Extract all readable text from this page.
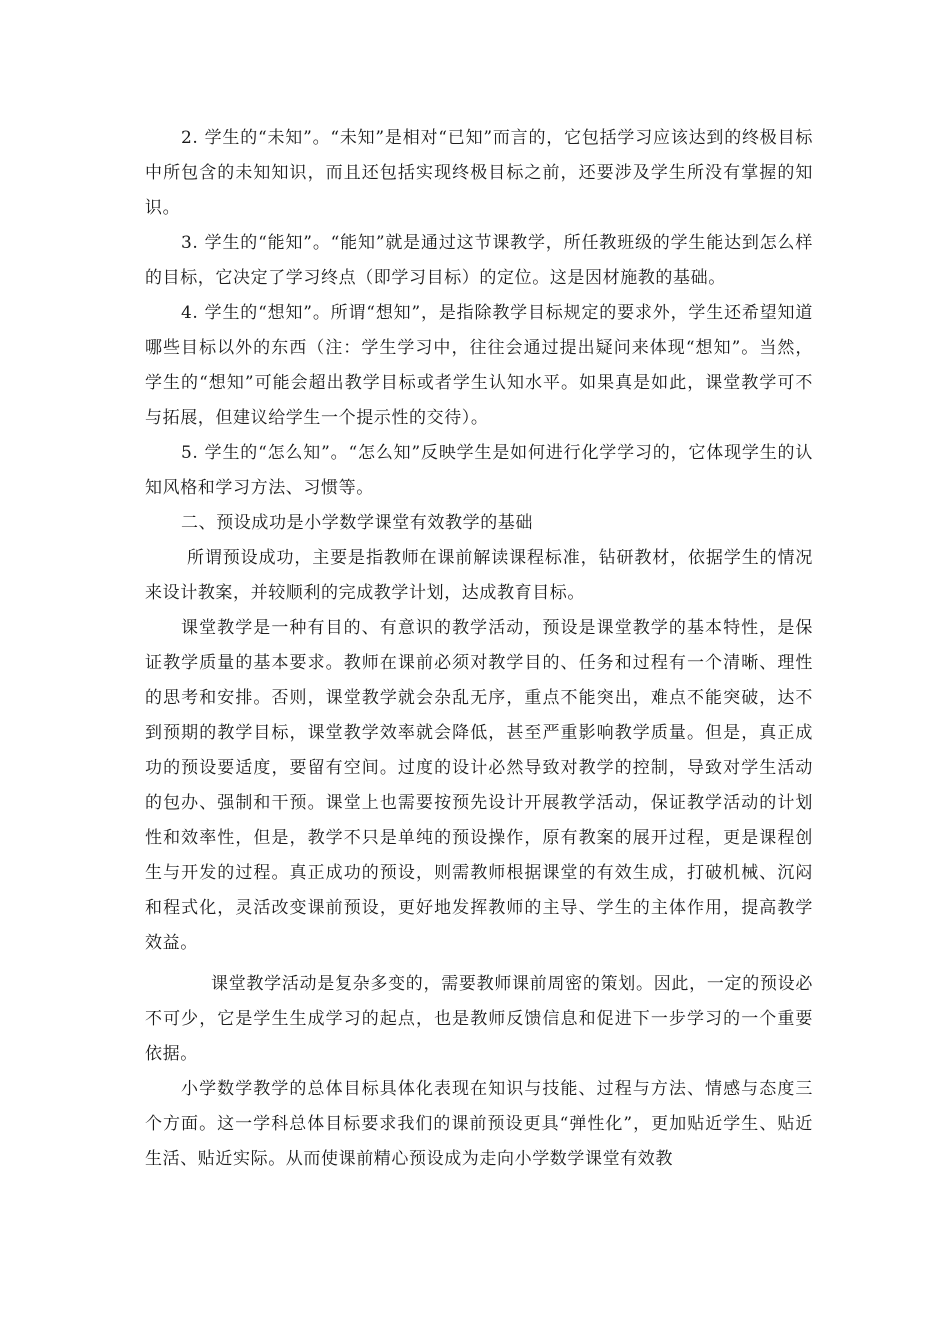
2. 学生的“未知”。“未知”是相对“已知”而言的，它包括学习应该达到的终极目标中所包含的未知知识，而且还包括实现终极目标之前，还要涉及学生所没有掌握的知识。

3. 学生的“能知”。“能知”就是通过这节课教学，所任教班级的学生能达到怎么样的目标，它决定了学习终点（即学习目标）的定位。这是因材施教的基础。

4. 学生的“想知”。所谓“想知”，是指除教学目标规定的要求外，学生还希望知道哪些目标以外的东西（注：学生学习中，往往会通过提出疑问来体现“想知”。当然，学生的“想知”可能会超出教学目标或者学生认知水平。如果真是如此，课堂教学可不与拓展，但建议给学生一个提示性的交待）。

5. 学生的“怎么知”。“怎么知”反映学生是如何进行化学学习的，它体现学生的认知风格和学习方法、习惯等。

二、预设成功是小学数学课堂有效教学的基础

所谓预设成功，主要是指教师在课前解读课程标准，钻研教材，依据学生的情况来设计教案，并较顺利的完成教学计划，达成教育目标。

课堂教学是一种有目的、有意识的教学活动，预设是课堂教学的基本特性，是保证教学质量的基本要求。教师在课前必须对教学目的、任务和过程有一个清晰、理性的思考和安排。否则，课堂教学就会杂乱无序，重点不能突出，难点不能突破，达不到预期的教学目标，课堂教学效率就会降低，甚至严重影响教学质量。但是，真正成功的预设要适度，要留有空间。过度的设计必然导致对教学的控制，导致对学生活动的包办、强制和干预。课堂上也需要按预先设计开展教学活动，保证教学活动的计划性和效率性，但是，教学不只是单纯的预设操作，原有教案的展开过程，更是课程创生与开发的过程。真正成功的预设，则需教师根据课堂的有效生成，打破机械、沉闷和程式化，灵活改变课前预设，更好地发挥教师的主导、学生的主体作用，提高教学效益。

课堂教学活动是复杂多变的，需要教师课前周密的策划。因此，一定的预设必不可少，它是学生生成学习的起点，也是教师反馈信息和促进下一步学习的一个重要依据。

小学数学教学的总体目标具体化表现在知识与技能、过程与方法、情感与态度三个方面。这一学科总体目标要求我们的课前预设更具“弹性化”，更加贴近学生、贴近生活、贴近实际。从而使课前精心预设成为走向小学数学课堂有效教
